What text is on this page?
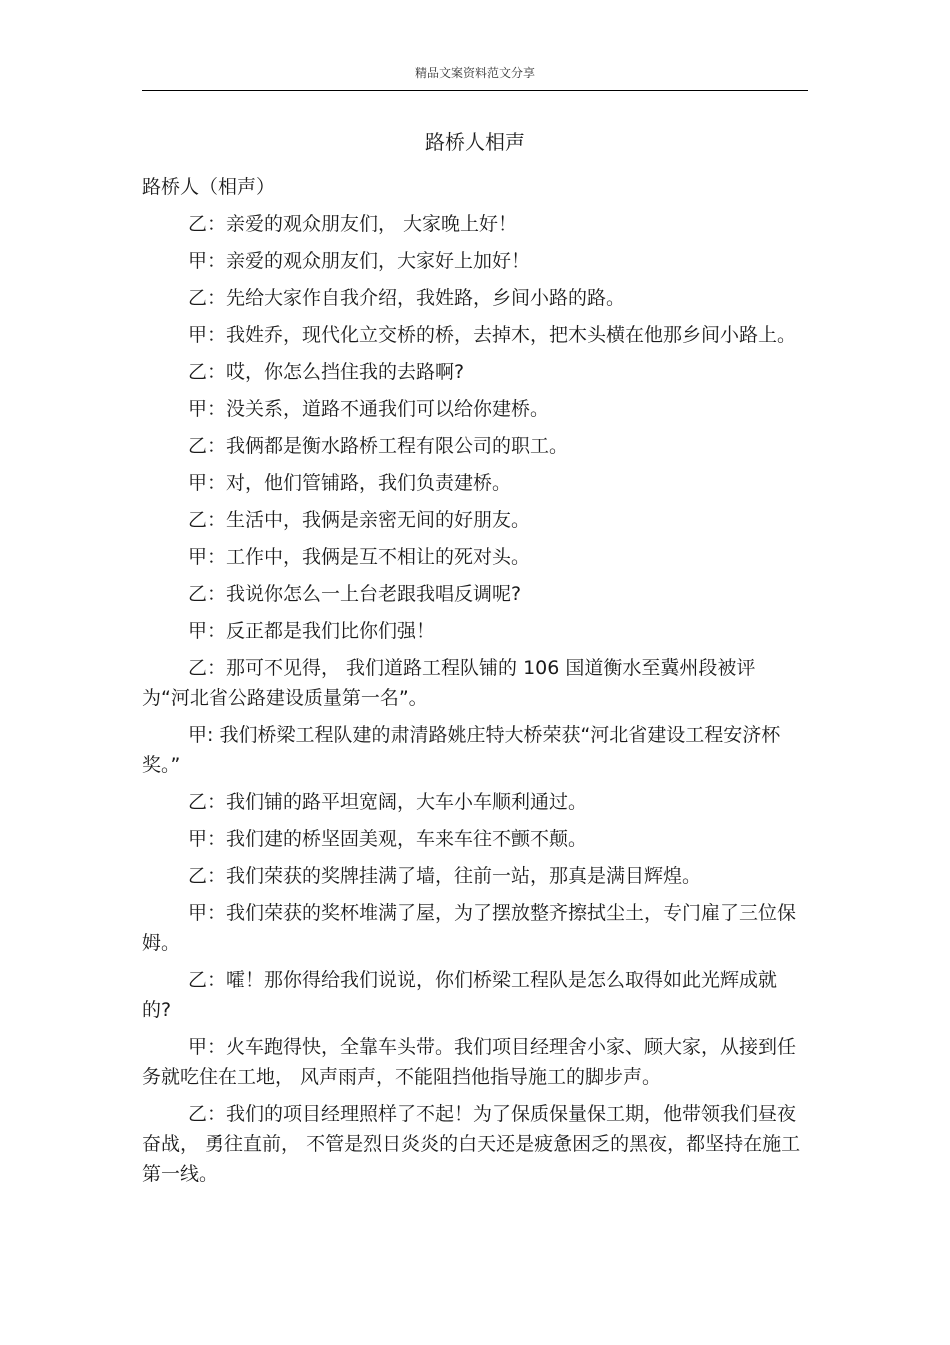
精品文案资料范文分享
路桥人相声

路桥人（相声）

乙：亲爱的观众朋友们， 大家晚上好！

甲：亲爱的观众朋友们，大家好上加好！

乙：先给大家作自我介绍，我姓路，乡间小路的路。

甲：我姓乔，现代化立交桥的桥，去掉木，把木头横在他那乡间小路上。

乙：哎，你怎么挡住我的去路啊?

甲：没关系，道路不通我们可以给你建桥。

乙：我俩都是衡水路桥工程有限公司的职工。

甲：对，他们管铺路，我们负责建桥。

乙：生活中，我俩是亲密无间的好朋友。

甲：工作中，我俩是互不相让的死对头。

乙：我说你怎么一上台老跟我唱反调呢?

甲：反正都是我们比你们强！

乙：那可不见得， 我们道路工程队铺的 106 国道衡水至冀州段被评为“河北省公路建设质量第一名”。

甲: 我们桥梁工程队建的肃清路姚庄特大桥荣获“河北省建设工程安济杯奖。”

乙：我们铺的路平坦宽阔，大车小车顺利通过。

甲：我们建的桥坚固美观，车来车往不颤不颠。

乙：我们荣获的奖牌挂满了墙，往前一站，那真是满目辉煌。

甲：我们荣获的奖杯堆满了屋，为了摆放整齐擦拭尘土，专门雇了三位保姆。

乙：嚯！那你得给我们说说，你们桥梁工程队是怎么取得如此光辉成就的?

甲：火车跑得快，全靠车头带。我们项目经理舍小家、顾大家，从接到任务就吃住在工地， 风声雨声，不能阻挡他指导施工的脚步声。

乙：我们的项目经理照样了不起！为了保质保量保工期，他带领我们昼夜奋战， 勇往直前， 不管是烈日炎炎的白天还是疲惫困乏的黑夜，都坚持在施工第一线。
